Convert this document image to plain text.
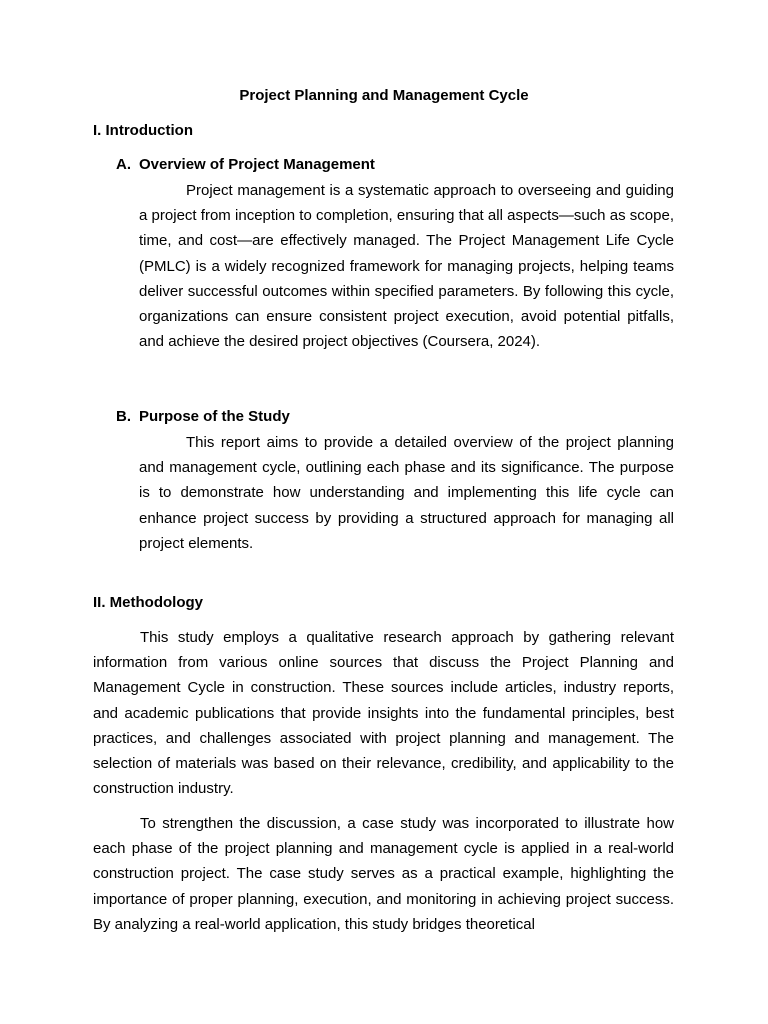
Project Planning and Management Cycle
I. Introduction
A. Overview of Project Management

Project management is a systematic approach to overseeing and guiding a project from inception to completion, ensuring that all aspects—such as scope, time, and cost—are effectively managed. The Project Management Life Cycle (PMLC) is a widely recognized framework for managing projects, helping teams deliver successful outcomes within specified parameters. By following this cycle, organizations can ensure consistent project execution, avoid potential pitfalls, and achieve the desired project objectives (Coursera, 2024).

B. Purpose of the Study

This report aims to provide a detailed overview of the project planning and management cycle, outlining each phase and its significance. The purpose is to demonstrate how understanding and implementing this life cycle can enhance project success by providing a structured approach for managing all project elements.

II. Methodology

This study employs a qualitative research approach by gathering relevant information from various online sources that discuss the Project Planning and Management Cycle in construction. These sources include articles, industry reports, and academic publications that provide insights into the fundamental principles, best practices, and challenges associated with project planning and management. The selection of materials was based on their relevance, credibility, and applicability to the construction industry.

To strengthen the discussion, a case study was incorporated to illustrate how each phase of the project planning and management cycle is applied in a real-world construction project. The case study serves as a practical example, highlighting the importance of proper planning, execution, and monitoring in achieving project success. By analyzing a real-world application, this study bridges theoretical
